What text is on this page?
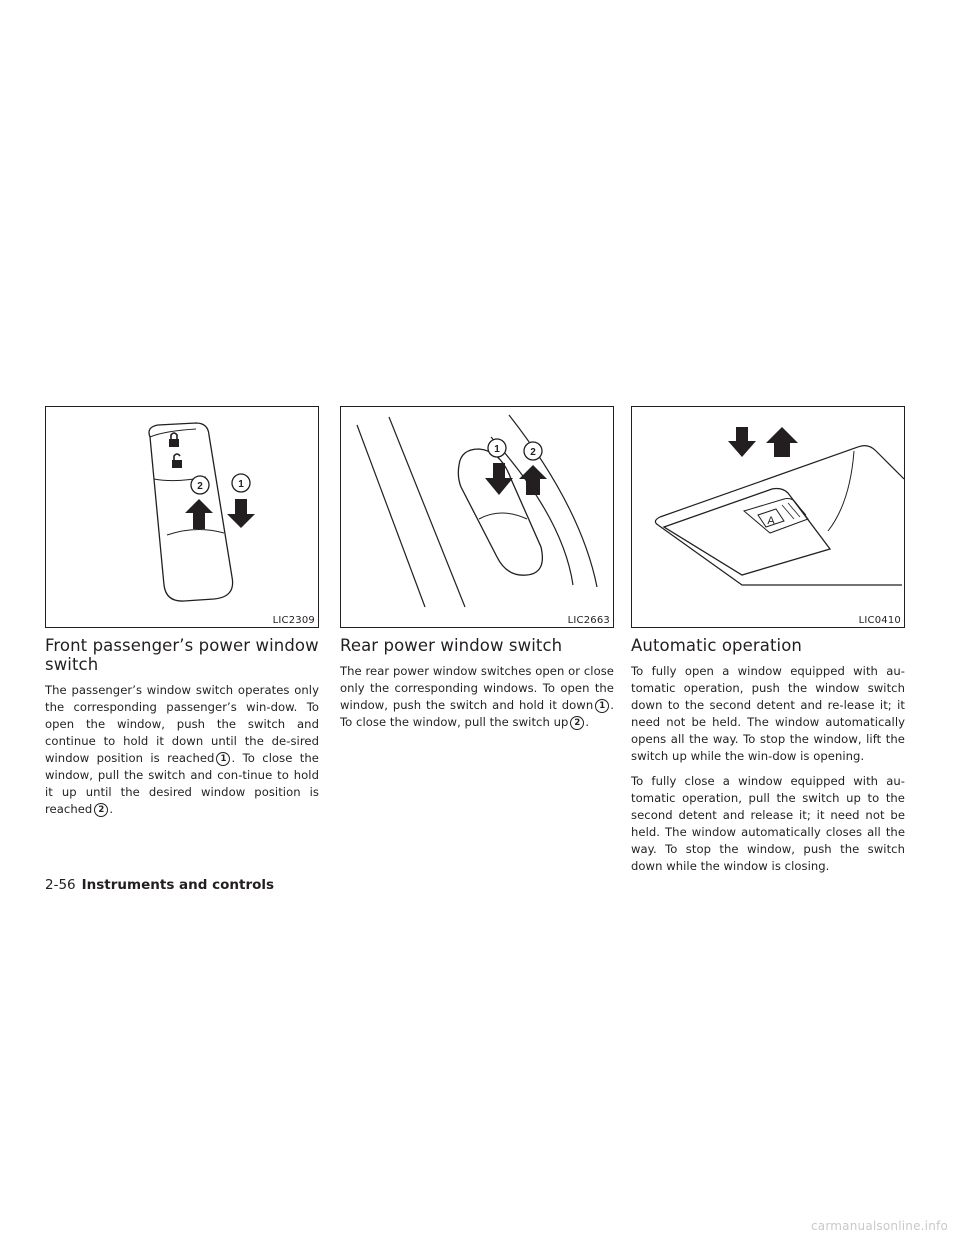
2	1
LIC2309
Front passenger’s power window switch

The passenger’s window switch operates only the corresponding passenger’s win-dow. To open the window, push the switch and continue to hold it down until the de-sired window position is reached 1 . To close the window, pull the switch and con-tinue to hold it up until the desired window position is reached 2 .

1	2
LIC2663
Rear power window switch

The rear power window switches open or close only the corresponding windows. To open the window, push the switch and hold it down 1 . To close the window, pull the switch up 2 .

A
LIC0410
Automatic operation

To fully open a window equipped with au-tomatic operation, push the window switch down to the second detent and re-lease it; it need not be held. The window automatically opens all the way. To stop the window, lift the switch up while the win-dow is opening.

To fully close a window equipped with au-tomatic operation, pull the switch up to the second detent and release it; it need not be held. The window automatically closes all the way. To stop the window, push the switch down while the window is closing.

2-56 Instruments and controls
carmanualsonline.info
